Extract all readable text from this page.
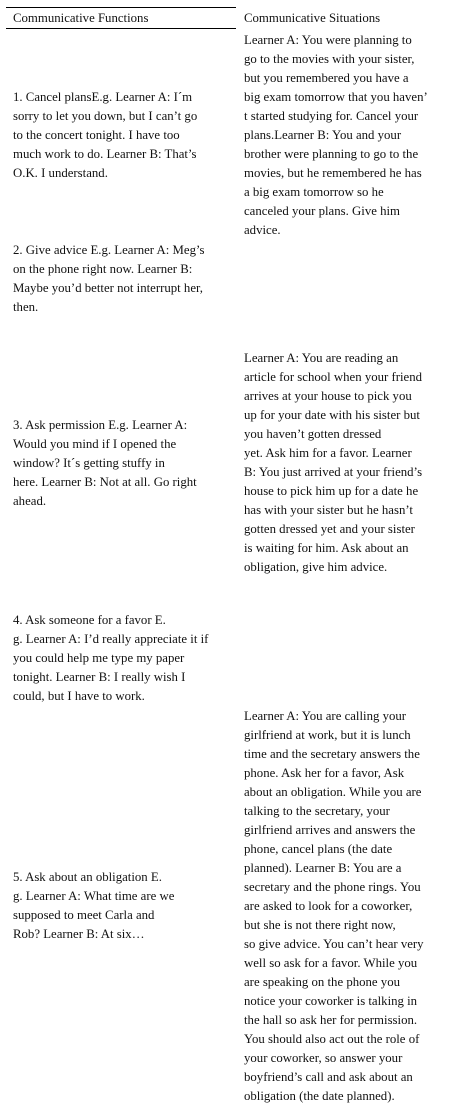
Communicative Functions	Communicative Situations

1. Cancel plansE.g. Learner A: I´m

sorry to let you down, but I can’t go

to the concert tonight. I have too

much work to do. Learner B: That’s

O.K. I understand.

2. Give advice E.g. Learner A: Meg’s

on the phone right now. Learner B:

Maybe you’d better not interrupt her,

then.

3. Ask permission E.g. Learner A:

Would you mind if I opened the

window? It´s getting stuffy in

here. Learner B: Not at all. Go right

ahead.

4. Ask someone for a favor E.

g. Learner A: I’d really appreciate it if

you could help me type my paper

tonight. Learner B: I really wish I

could, but I have to work.

5. Ask about an obligation E.

g. Learner A: What time are we

supposed to meet Carla and

Rob? Learner B: At six…

Learner A: You were planning to

go to the movies with your sister,

but you remembered you have a

big exam tomorrow that you haven’

t started studying for. Cancel your

plans.Learner B: You and your

brother were planning to go to the

movies, but he remembered he has

a big exam tomorrow so he

canceled your plans. Give him

advice.

Learner A: You are reading an

article for school when your friend

arrives at your house to pick you

up for your date with his sister but

you haven’t gotten dressed

yet. Ask him for a favor. Learner

B: You just arrived at your friend’s

house to pick him up for a date he

has with your sister but he hasn’t

gotten dressed yet and your sister

is waiting for him. Ask about an

obligation, give him advice.

Learner A: You are calling your

girlfriend at work, but it is lunch

time and the secretary answers the

phone. Ask her for a favor, Ask

about an obligation. While you are

talking to the secretary, your

girlfriend arrives and answers the

phone, cancel plans (the date

planned). Learner B: You are a

secretary and the phone rings. You

are asked to look for a coworker,

but she is not there right now,

so give advice. You can’t hear very

well so ask for a favor. While you

are speaking on the phone you

notice your coworker is talking in

the hall so ask her for permission.

You should also act out the role of

your coworker, so answer your

boyfriend’s call and ask about an

obligation (the date planned).
